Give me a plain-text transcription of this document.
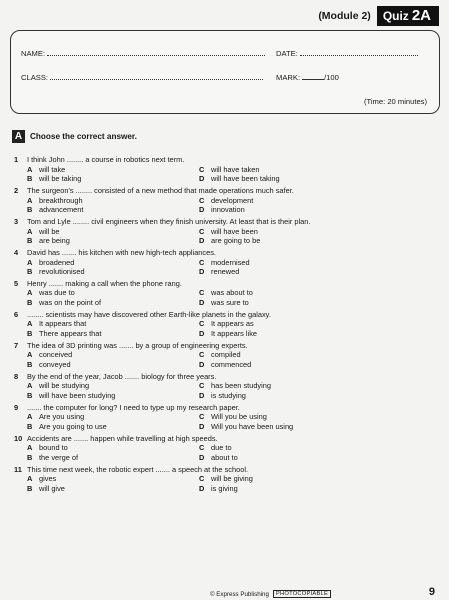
(Module 2) Quiz 2A
NAME:	DATE:
CLASS:	MARK:	/100
(Time: 20 minutes)
A Choose the correct answer.
1	I think John ........ a course in robotics next term.
A will take	C will have taken
B will be taking	D will have been taking
2	The surgeon's ........ consisted of a new method that made operations much safer.
A breakthrough	C development
B advancement	D innovation
3	Tom and Lyle ........ civil engineers when they finish university. At least that is their plan.
A will be	C will have been
B are being	D are going to be
4	David has ....... his kitchen with new high-tech appliances.
A broadened	C modernised
B revolutionised	D renewed
5	Henry ....... making a call when the phone rang.
A was due to	C was about to
B was on the point of	D was sure to
6	........ scientists may have discovered other Earth-like planets in the galaxy.
A It appears that	C It appears as
B There appears that	D It appears like
7	The idea of 3D printing was ....... by a group of engineering experts.
A conceived	C compiled
B conveyed	D commenced
8	By the end of the year, Jacob ....... biology for three years.
A will be studying	C has been studying
B will have been studying	D is studying
9	....... the computer for long? I need to type up my research paper.
A Are you using	C Will you be using
B Are you going to use	D Will you have been using
10 Accidents are ....... happen while travelling at high speeds.
A bound to	C due to
B the verge of	D about to
11 This time next week, the robotic expert ....... a speech at the school.
A gives	C will be giving
B will give	D is giving
© Express Publishing	PHOTOCOPIABLE	9
